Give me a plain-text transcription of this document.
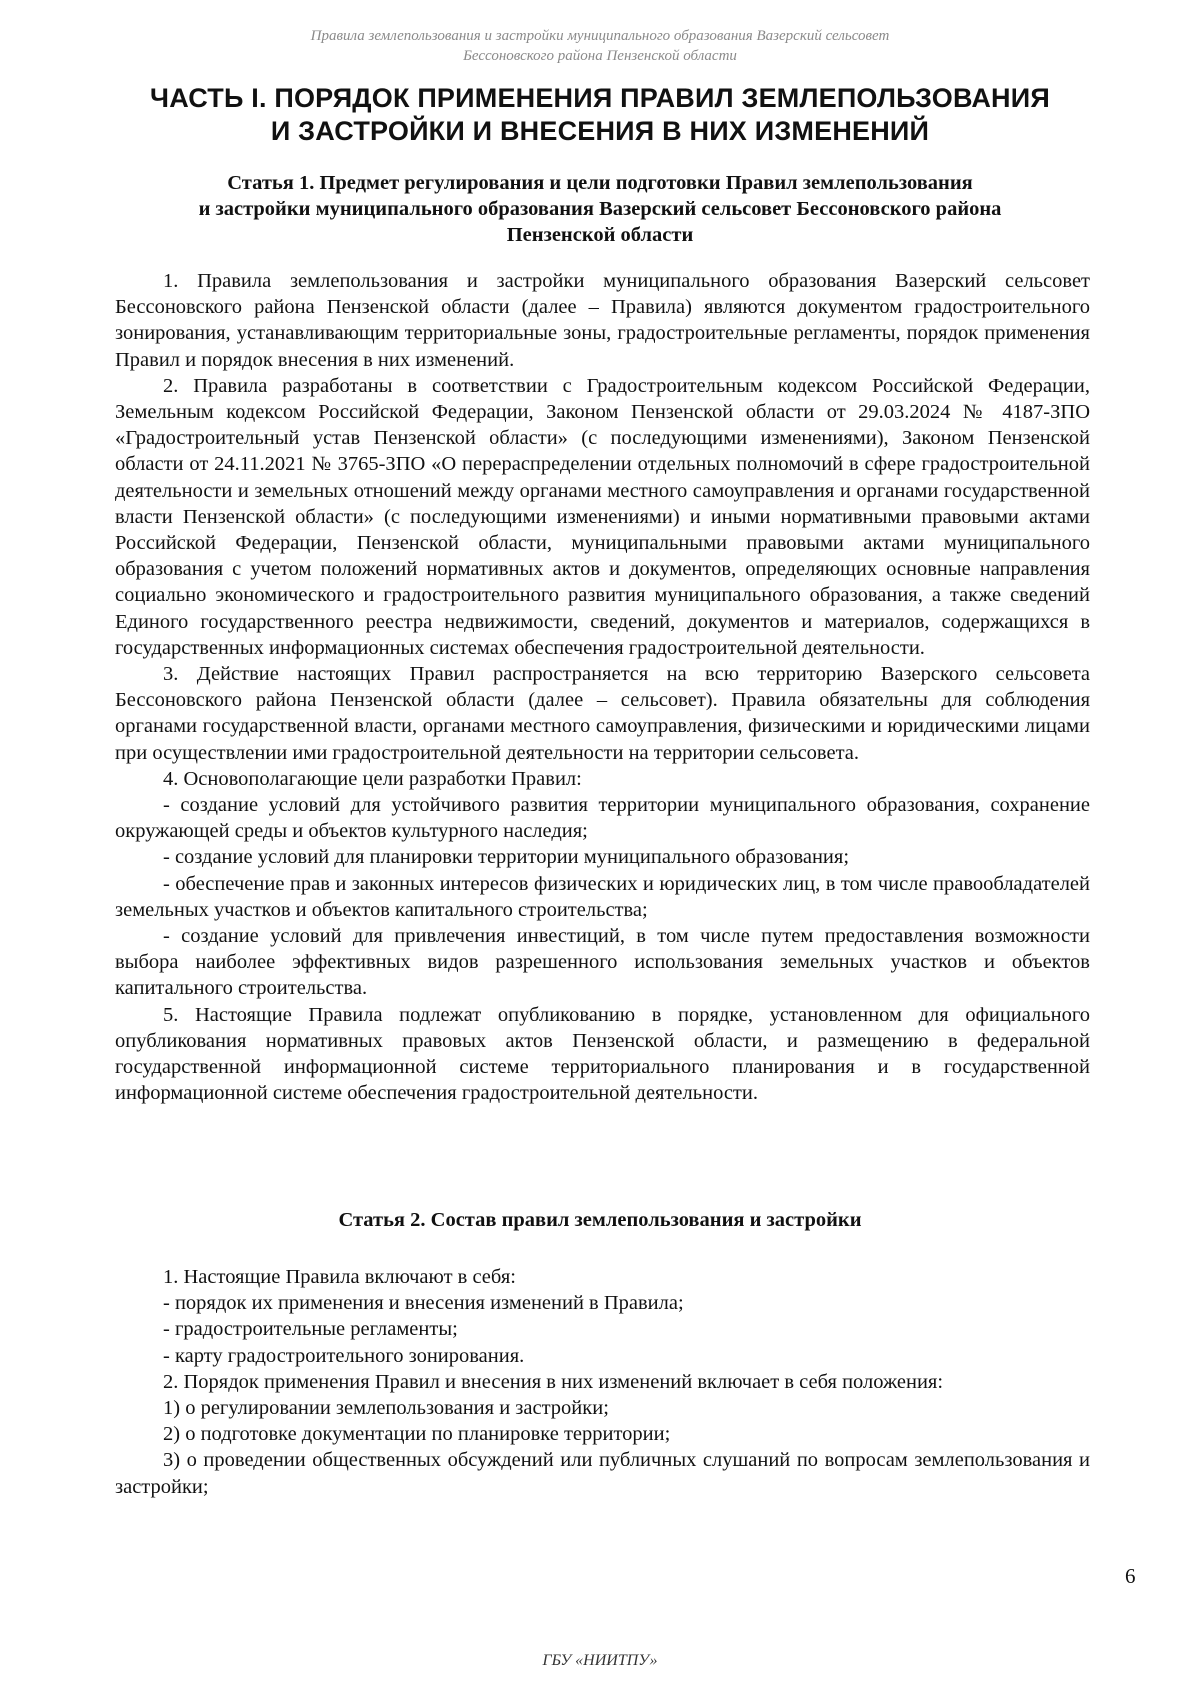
Правила землепользования и застройки муниципального образования Вазерский сельсовет
Бессоновского района Пензенской области
ЧАСТЬ I. ПОРЯДОК ПРИМЕНЕНИЯ ПРАВИЛ ЗЕМЛЕПОЛЬЗОВАНИЯ
И ЗАСТРОЙКИ И ВНЕСЕНИЯ В НИХ ИЗМЕНЕНИЙ
Статья 1. Предмет регулирования и цели подготовки Правил землепользования
и застройки муниципального образования Вазерский сельсовет Бессоновского района
Пензенской области

1. Правила землепользования и застройки муниципального образования Вазерский сельсовет Бессоновского района Пензенской области (далее – Правила) являются документом градостроительного зонирования, устанавливающим территориальные зоны, градостроительные регламенты, порядок применения Правил и порядок внесения в них изменений.

2. Правила разработаны в соответствии с Градостроительным кодексом Российской Федерации, Земельным кодексом Российской Федерации, Законом Пензенской области от 29.03.2024 № 4187-ЗПО «Градостроительный устав Пензенской области» (с последующими изменениями), Законом Пензенской области от 24.11.2021 № 3765-ЗПО «О перераспределении отдельных полномочий в сфере градостроительной деятельности и земельных отношений между органами местного самоуправления и органами государственной власти Пензенской области» (с последующими изменениями) и иными нормативными правовыми актами Российской Федерации, Пензенской области, муниципальными правовыми актами муниципального образования с учетом положений нормативных актов и документов, определяющих основные направления социально экономического и градостроительного развития муниципального образования, а также сведений Единого государственного реестра недвижимости, сведений, документов и материалов, содержащихся в государственных информационных системах обеспечения градостроительной деятельности.

3. Действие настоящих Правил распространяется на всю территорию Вазерского сельсовета Бессоновского района Пензенской области (далее – сельсовет). Правила обязательны для соблюдения органами государственной власти, органами местного самоуправления, физическими и юридическими лицами при осуществлении ими градостроительной деятельности на территории сельсовета.

4. Основополагающие цели разработки Правил:

- создание условий для устойчивого развития территории муниципального образования, сохранение окружающей среды и объектов культурного наследия;

- создание условий для планировки территории муниципального образования;

- обеспечение прав и законных интересов физических и юридических лиц, в том числе правообладателей земельных участков и объектов капитального строительства;

- создание условий для привлечения инвестиций, в том числе путем предоставления возможности выбора наиболее эффективных видов разрешенного использования земельных участков и объектов капитального строительства.

5. Настоящие Правила подлежат опубликованию в порядке, установленном для официального опубликования нормативных правовых актов Пензенской области, и размещению в федеральной государственной информационной системе территориального планирования и в государственной информационной системе обеспечения градостроительной деятельности.

Статья 2. Состав правил землепользования и застройки

1. Настоящие Правила включают в себя:

- порядок их применения и внесения изменений в Правила;

- градостроительные регламенты;

- карту градостроительного зонирования.

2. Порядок применения Правил и внесения в них изменений включает в себя положения:

1) о регулировании землепользования и застройки;

2) о подготовке документации по планировке территории;

3) о проведении общественных обсуждений или публичных слушаний по вопросам землепользования и застройки;

6
ГБУ «НИИТПУ»
